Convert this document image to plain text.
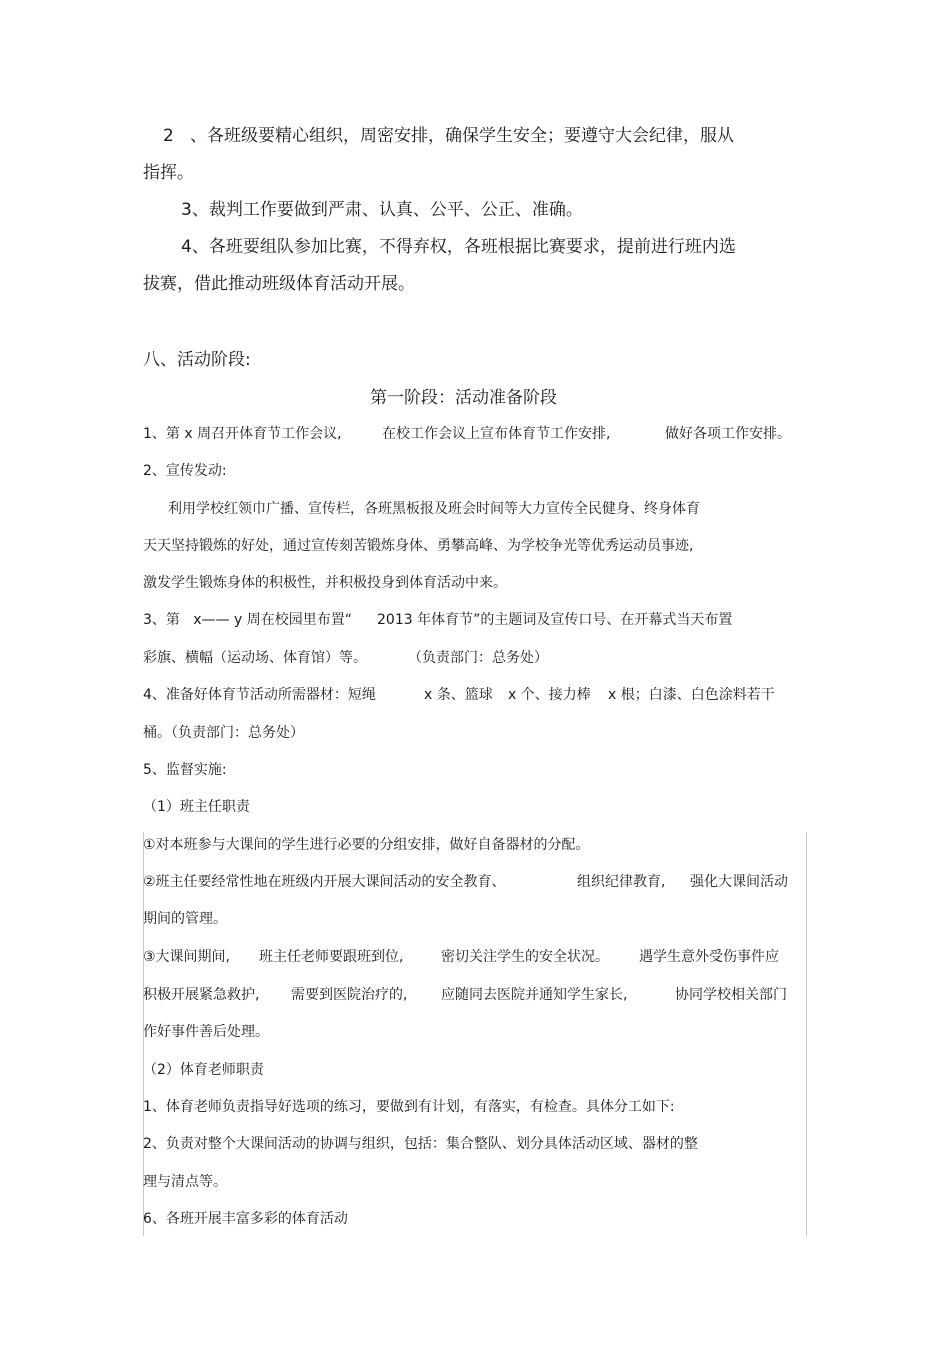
2 、各班级要精心组织，周密安排，确保学生安全；要遵守大会纪律，服从
指挥。
3、裁判工作要做到严肃、认真、公平、公正、准确。
4、各班要组队参加比赛，不得弃权，各班根据比赛要求，提前进行班内选
拔赛，借此推动班级体育活动开展。
八、活动阶段:
第一阶段：活动准备阶段
1、第 x 周召开体育节工作会议,	在校工作会议上宣布体育节工作安排,	做好各项工作安排。
2、宣传发动:
利用学校红领巾广播、宣传栏，各班黑板报及班会时间等大力宣传全民健身、终身体育
天天坚持锻炼的好处，通过宣传刻苦锻炼身体、勇攀高峰、为学校争光等优秀运动员事迹,
激发学生锻炼身体的积极性，并积极投身到体育活动中来。
3、第   x—— y 周在校园里布置“ 2013 年体育节”的主题词及宣传口号、在开幕式当天布置
彩旗、横幅（运动场、体育馆）等。	（负责部门：总务处）
4、准备好体育节活动所需器材：短绳	x 条、篮球 x 个、接力棒 x 根；白漆、白色涂料若干
桶。（负责部门：总务处）
5、监督实施:
（1）班主任职责
①对本班参与大课间的学生进行必要的分组安排，做好自备器材的分配。
②班主任要经常性地在班级内开展大课间活动的安全教育、	组织纪律教育, 强化大课间活动
期间的管理。
③大课间期间, 班主任老师要跟班到位,	密切关注学生的安全状况。 遇学生意外受伤事件应
积极开展紧急救护, 需要到医院治疗的, 应随同去医院并通知学生家长,	协同学校相关部门
作好事件善后处理。
（2）体育老师职责
1、体育老师负责指导好选项的练习，要做到有计划，有落实，有检查。具体分工如下:
2、负责对整个大课间活动的协调与组织，包括：集合整队、划分具体活动区域、器材的整
理与清点等。
6、各班开展丰富多彩的体育活动
